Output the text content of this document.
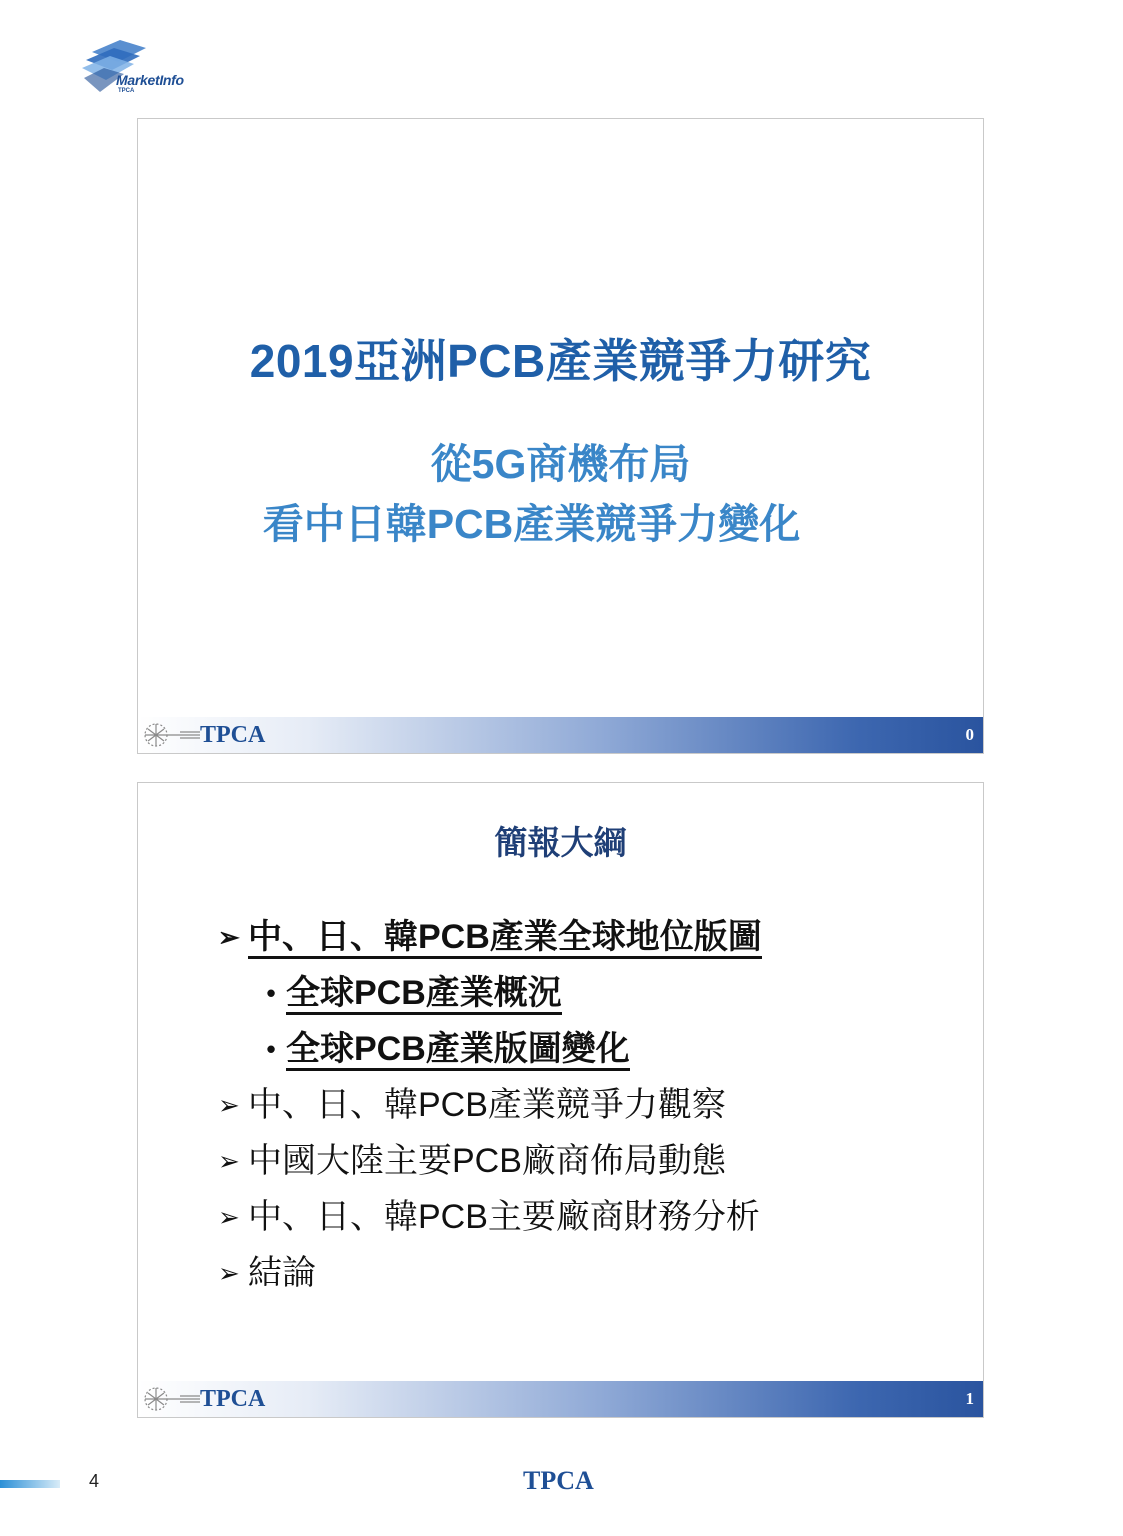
MarketInfo
TPCA
2019亞洲PCB產業競爭力研究
從5G商機布局
看中日韓PCB產業競爭力變化
TPCA	0
簡報大綱
➢ 中、日、韓PCB產業全球地位版圖
• 全球PCB產業概況
• 全球PCB產業版圖變化
➢ 中、日、韓PCB產業競爭力觀察
➢ 中國大陸主要PCB廠商佈局動態
➢ 中、日、韓PCB主要廠商財務分析
➢ 結論
TPCA	1
4	TPCA
